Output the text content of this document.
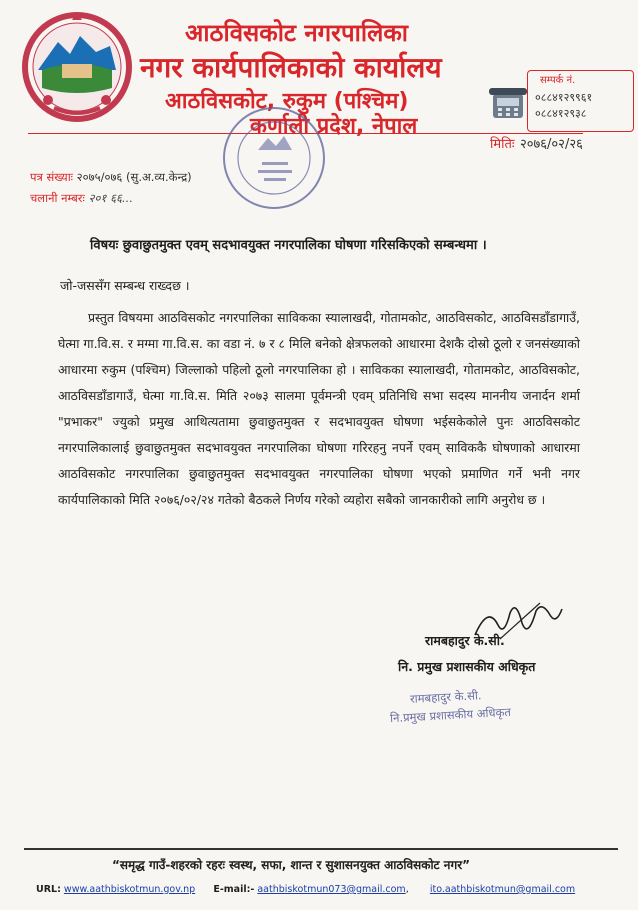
आठविसकोट नगरपालिका
नगर कार्यपालिकाको कार्यालय
आठविसकोट, रुकुम (पश्चिम)
कर्णाली प्रदेश, नेपाल
सम्पर्क नं.
०८८४१२९९६१
०८८४१२९३८
मितिः २०७६/०२/२६
पत्र संख्याः २०७५/०७६ (सु.अ.व्य.केन्द्र)
चलानी नम्बरः २०१ ६६...
विषयः छुवाछुतमुक्त एवम् सदभावयुक्त नगरपालिका घोषणा गरिसकिएको सम्बन्धमा ।
जो-जससँग सम्बन्ध राख्दछ ।
प्रस्तुत विषयमा आठविसकोट नगरपालिका साविकका स्यालाखदी, गोतामकोट, आठविसकोट, आठविसडाँडागाउँ, घेत्मा गा.वि.स. र मग्मा गा.वि.स. का वडा नं. ७ र ८ मिलि बनेको क्षेत्रफलको आधारमा देशकै दोस्रो ठूलो र जनसंख्याको आधारमा रुकुम (पश्चिम) जिल्लाको पहिलो ठूलो नगरपालिका हो । साविकका स्यालाखदी, गोतामकोट, आठविसकोट, आठविसडाँडागाउँ, घेत्मा गा.वि.स. मिति २०७३ सालमा पूर्वमन्त्री एवम् प्रतिनिधि सभा सदस्य माननीय जनार्दन शर्मा "प्रभाकर" ज्युको प्रमुख आथित्यतामा छुवाछुतमुक्त र सदभावयुक्त घोषणा भईसकेकोले पुनः आठविसकोट नगरपालिकालाई छुवाछुतमुक्त सदभावयुक्त नगरपालिका घोषणा गरिरहनु नपर्ने एवम् साविककै घोषणाको आधारमा आठविसकोट नगरपालिका छुवाछुतमुक्त सदभावयुक्त नगरपालिका घोषणा भएको प्रमाणित गर्ने भनी नगर कार्यपालिकाको मिति २०७६/०२/२४ गतेको बैठकले निर्णय गरेको व्यहोरा सबैको जानकारीको लागि अनुरोध छ ।
रामबहादुर के.सी.
नि. प्रमुख प्रशासकीय अधिकृत
रामबहादुर के.सी.
नि.प्रमुख प्रशासकीय अधिकृत
“समृद्ध गाउँ-शहरको रहरः स्वस्थ, सफा, शान्त र सुशासनयुक्त आठविसकोट नगर”
URL: www.aathbiskotmun.gov.np E-mail:- aathbiskotmun073@gmail.com,       ito.aathbiskotmun@gmail.com
